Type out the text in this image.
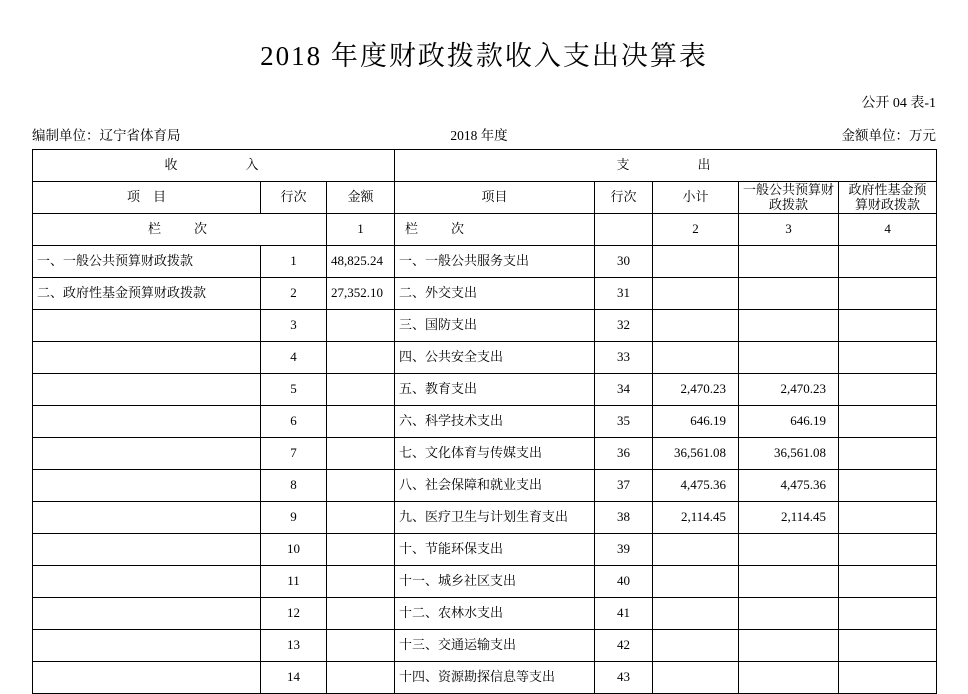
2018 年度财政拨款收入支出决算表
公开 04 表-1
编制单位：辽宁省体育局	2018 年度	金额单位：万元
收　　入			支　　出				
项　目	行次	金额	项目	行次	小计	一般公共预算财政拨款	政府性基金预算财政拨款
栏　次		1	栏　次		2	3	4
一、一般公共预算财政拨款	1	48,825.24	一、一般公共服务支出	30			
二、政府性基金预算财政拨款	2	27,352.10	二、外交支出	31			
	3		三、国防支出	32			
	4		四、公共安全支出	33			
	5		五、教育支出	34	2,470.23	2,470.23	
	6		六、科学技术支出	35	646.19	646.19	
	7		七、文化体育与传媒支出	36	36,561.08	36,561.08	
	8		八、社会保障和就业支出	37	4,475.36	4,475.36	
	9		九、医疗卫生与计划生育支出	38	2,114.45	2,114.45	
	10		十、节能环保支出	39			
	11		十一、城乡社区支出	40			
	12		十二、农林水支出	41			
	13		十三、交通运输支出	42			
	14		十四、资源勘探信息等支出	43			
